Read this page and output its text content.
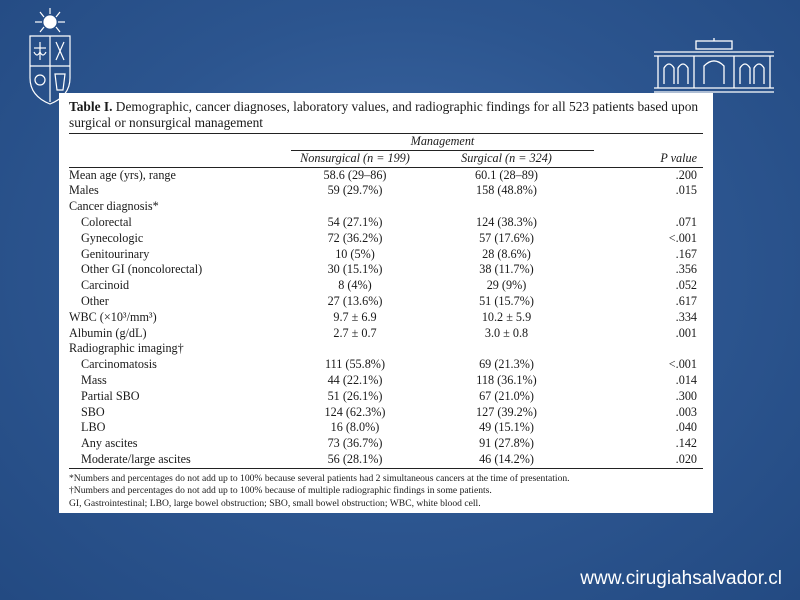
Table I. Demographic, cancer diagnoses, laboratory values, and radiographic findings for all 523 patients based upon surgical or nonsurgical management

	Management		
	Nonsurgical (n = 199)	Surgical (n = 324)	P value
Mean age (yrs), range	58.6 (29–86)	60.1 (28–89)	.200
Males	59 (29.7%)	158 (48.8%)	.015
Cancer diagnosis*			
Colorectal	54 (27.1%)	124 (38.3%)	.071
Gynecologic	72 (36.2%)	57 (17.6%)	<.001
Genitourinary	10 (5%)	28 (8.6%)	.167
Other GI (noncolorectal)	30 (15.1%)	38 (11.7%)	.356
Carcinoid	8 (4%)	29 (9%)	.052
Other	27 (13.6%)	51 (15.7%)	.617
WBC (×10³/mm³)	9.7 ± 6.9	10.2 ± 5.9	.334
Albumin (g/dL)	2.7 ± 0.7	3.0 ± 0.8	.001
Radiographic imaging†			
Carcinomatosis	111 (55.8%)	69 (21.3%)	<.001
Mass	44 (22.1%)	118 (36.1%)	.014
Partial SBO	51 (26.1%)	67 (21.0%)	.300
SBO	124 (62.3%)	127 (39.2%)	.003
LBO	16 (8.0%)	49 (15.1%)	.040
Any ascites	73 (36.7%)	91 (27.8%)	.142
Moderate/large ascites	56 (28.1%)	46 (14.2%)	.020
*Numbers and percentages do not add up to 100% because several patients had 2 simultaneous cancers at the time of presentation.
†Numbers and percentages do not add up to 100% because of multiple radiographic findings in some patients.
GI, Gastrointestinal; LBO, large bowel obstruction; SBO, small bowel obstruction; WBC, white blood cell.
www.cirugiahsalvador.cl
